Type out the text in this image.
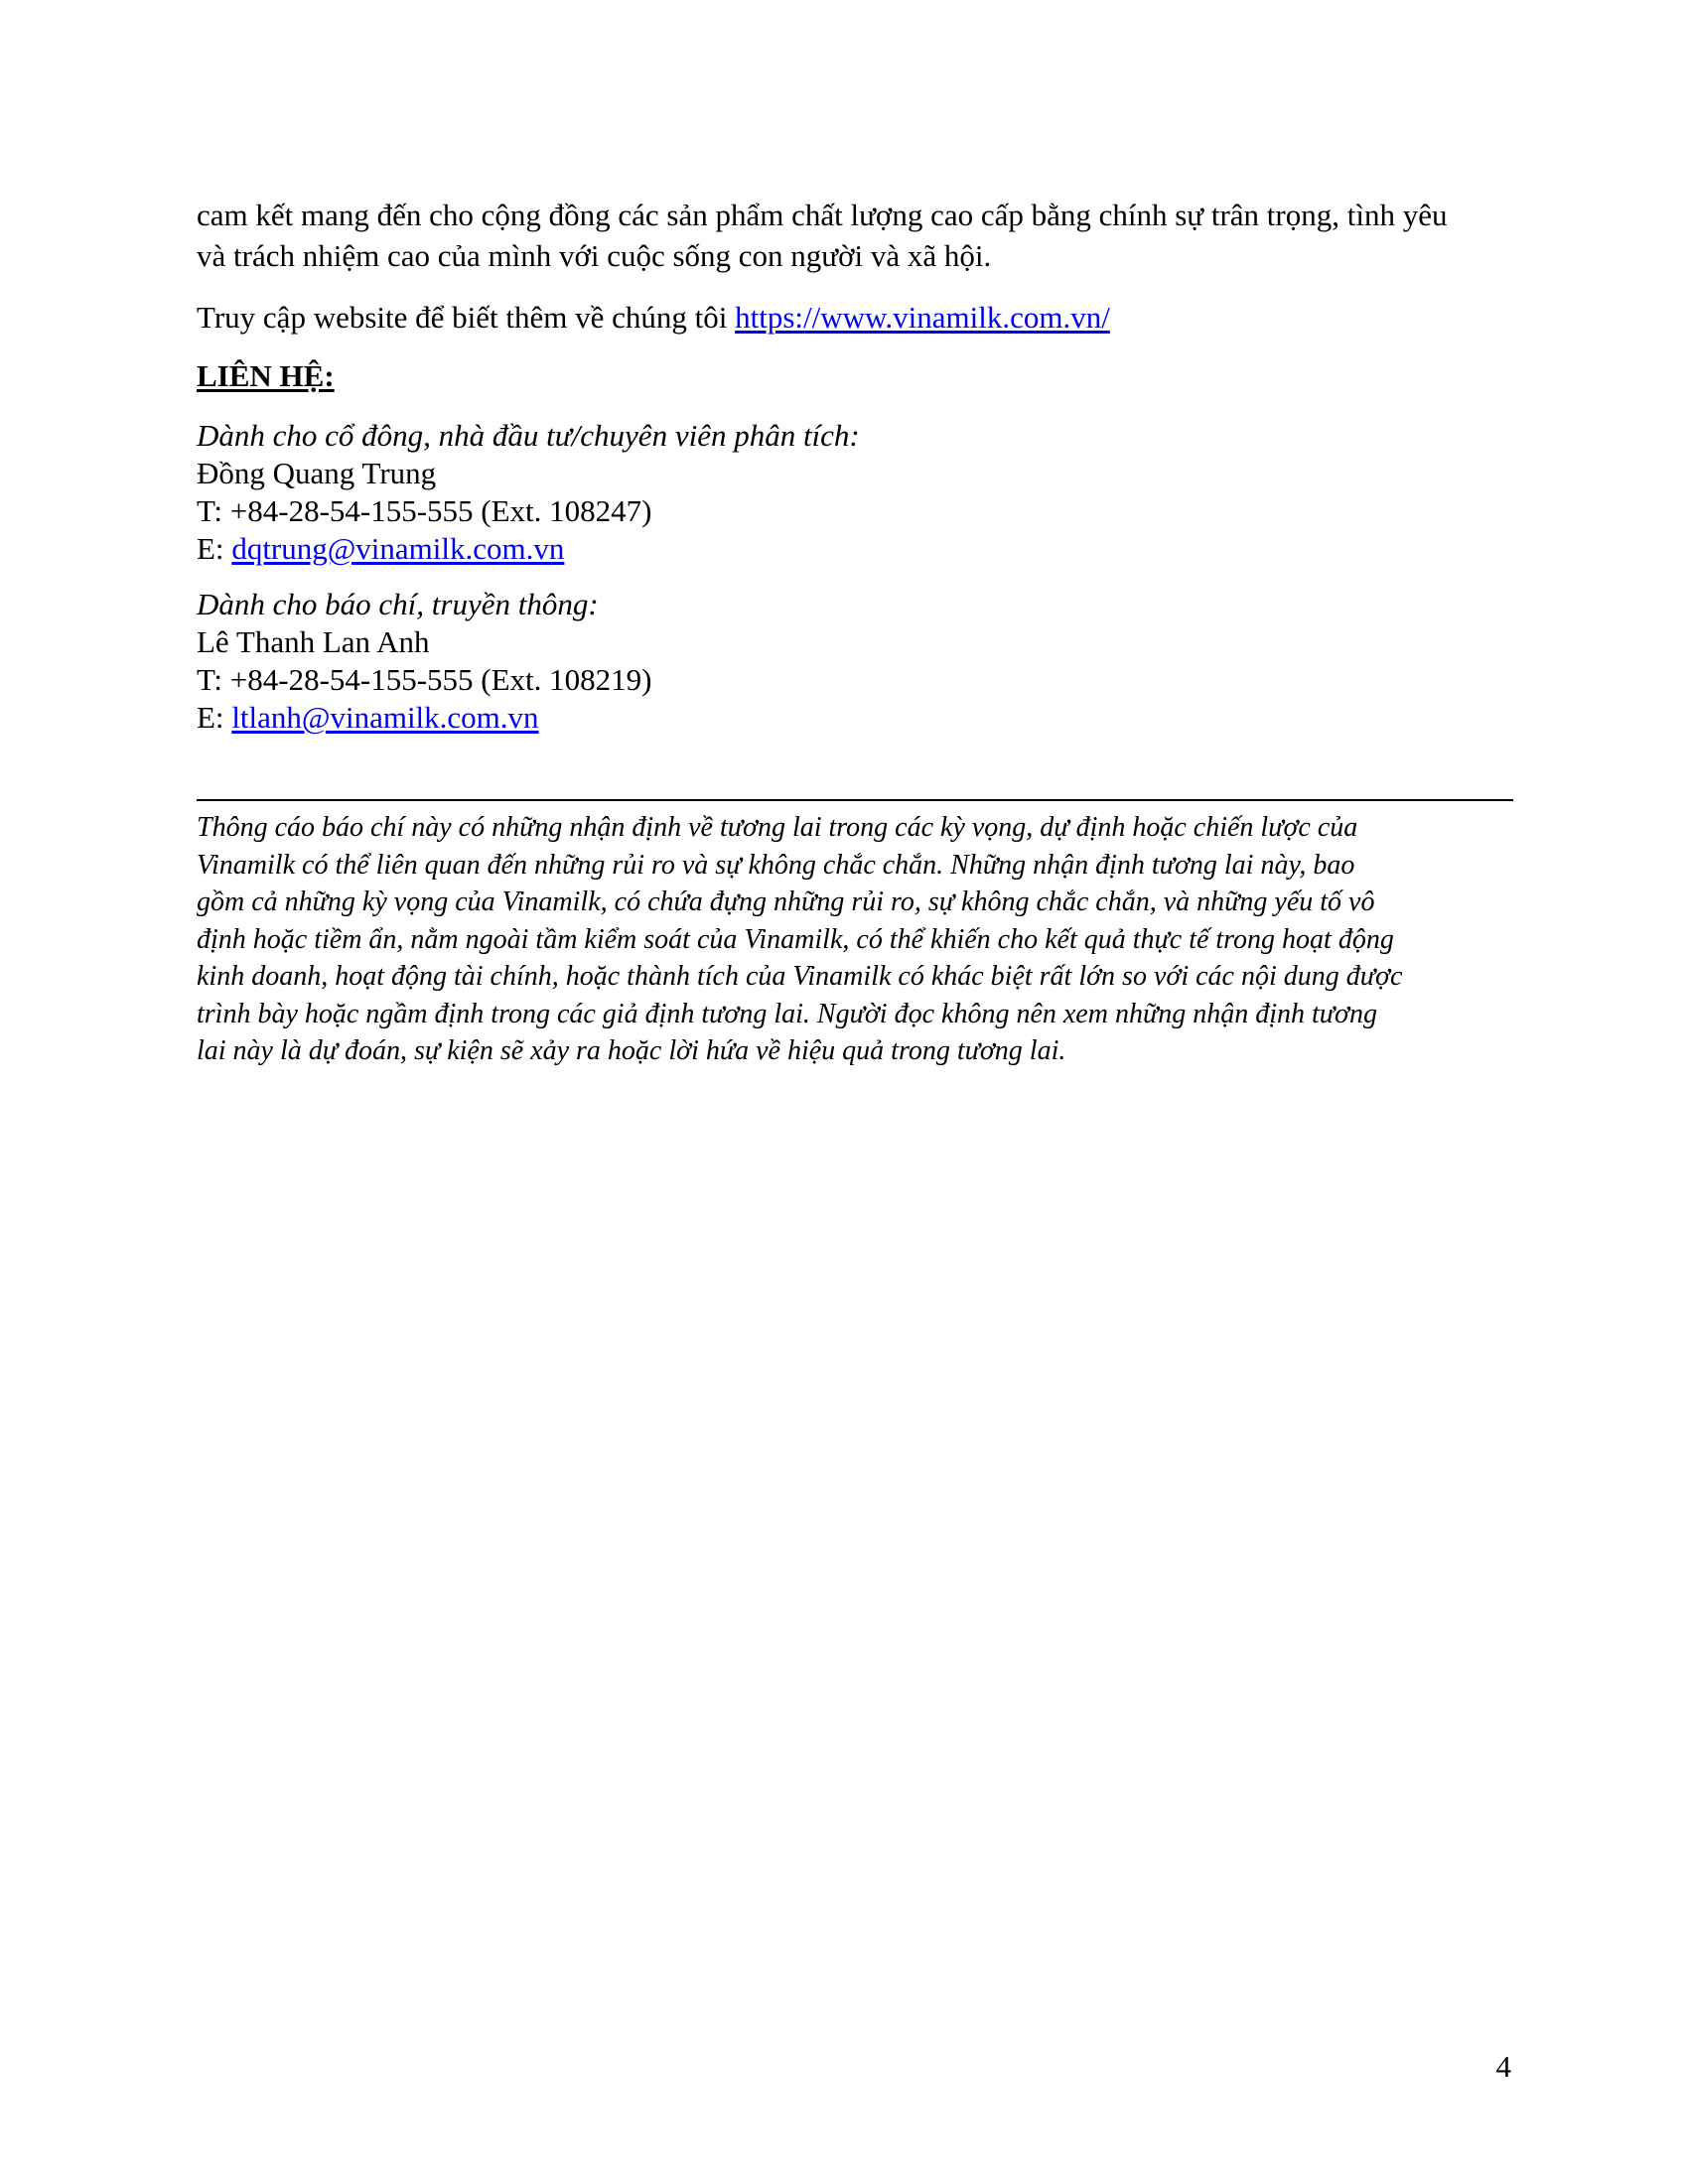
cam kết mang đến cho cộng đồng các sản phẩm chất lượng cao cấp bằng chính sự trân trọng, tình yêu
và trách nhiệm cao của mình với cuộc sống con người và xã hội.

Truy cập website để biết thêm về chúng tôi https://www.vinamilk.com.vn/

LIÊN HỆ:

Dành cho cổ đông, nhà đầu tư/chuyên viên phân tích:

Đồng Quang Trung

T: +84-28-54-155-555 (Ext. 108247)

E: dqtrung@vinamilk.com.vn

Dành cho báo chí, truyền thông:

Lê Thanh Lan Anh

T: +84-28-54-155-555 (Ext. 108219)

E: ltlanh@vinamilk.com.vn

Thông cáo báo chí này có những nhận định về tương lai trong các kỳ vọng, dự định hoặc chiến lược của
Vinamilk có thể liên quan đến những rủi ro và sự không chắc chắn. Những nhận định tương lai này, bao
gồm cả những kỳ vọng của Vinamilk, có chứa đựng những rủi ro, sự không chắc chắn, và những yếu tố vô
định hoặc tiềm ẩn, nằm ngoài tầm kiểm soát của Vinamilk, có thể khiến cho kết quả thực tế trong hoạt động
kinh doanh, hoạt động tài chính, hoặc thành tích của Vinamilk có khác biệt rất lớn so với các nội dung được
trình bày hoặc ngầm định trong các giả định tương lai. Người đọc không nên xem những nhận định tương
lai này là dự đoán, sự kiện sẽ xảy ra hoặc lời hứa về hiệu quả trong tương lai.
4
